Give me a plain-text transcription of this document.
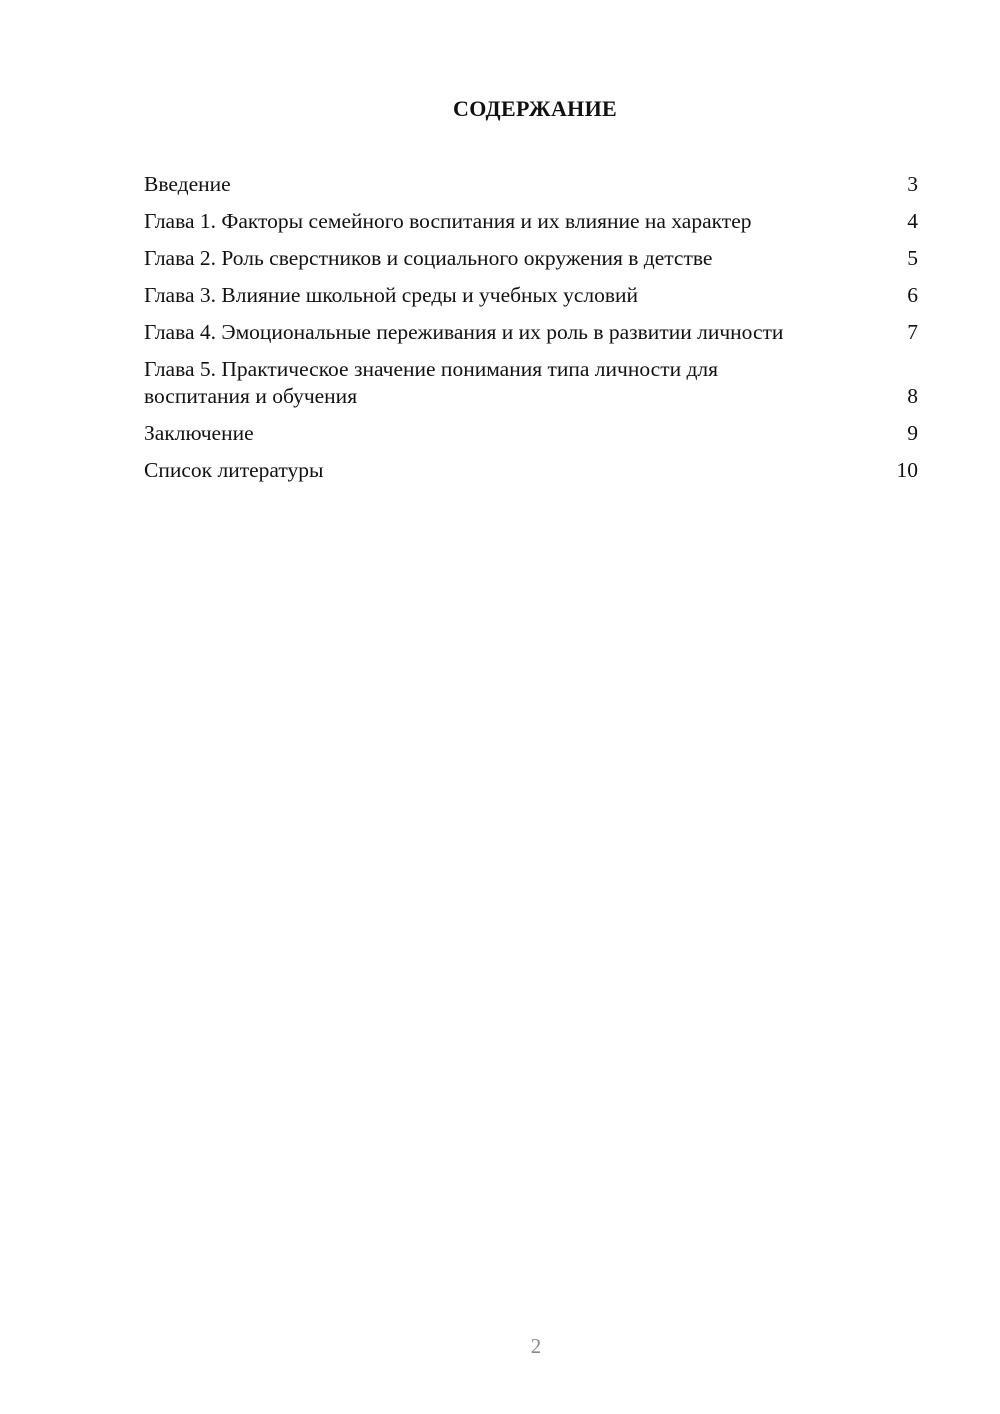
СОДЕРЖАНИЕ
Введение	3
Глава 1. Факторы семейного воспитания и их влияние на характер	4
Глава 2. Роль сверстников и социального окружения в детстве	5
Глава 3. Влияние школьной среды и учебных условий	6
Глава 4. Эмоциональные переживания и их роль в развитии личности	7
Глава 5. Практическое значение понимания типа личности для воспитания и обучения	8
Заключение	9
Список литературы	10
2
